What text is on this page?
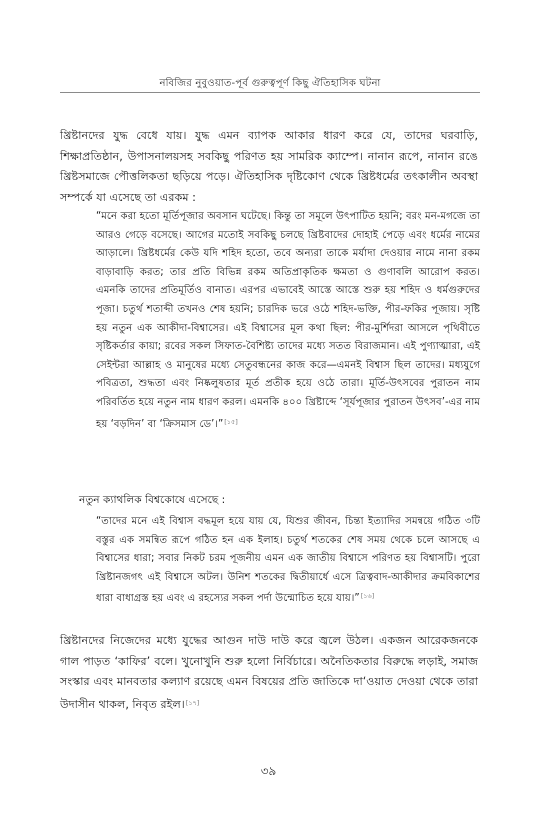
নবিজির নুবুওয়াত-পূর্ব গুরুত্বপূর্ণ কিছু ঐতিহাসিক ঘটনা

খ্রিষ্টানদের যুদ্ধ বেধে যায়। যুদ্ধ এমন ব্যাপক আকার ধারণ করে যে, তাদের ঘরবাড়ি, শিক্ষাপ্রতিষ্ঠান, উপাসনালয়সহ সবকিছু পরিণত হয় সামরিক ক্যাম্পে। নানান রূপে, নানান রঙে খ্রিষ্টসমাজে পৌত্তলিকতা ছড়িয়ে পড়ে। ঐতিহাসিক দৃষ্টিকোণ থেকে খ্রিষ্টধর্মের তৎকালীন অবস্থা সম্পর্কে যা এসেছে তা এরকম :

“মনে করা হতো মূর্তিপূজার অবসান ঘটেছে। কিন্তু তা সমূলে উৎপাটিত হয়নি; বরং মন-মগজে তা আরও গেড়ে বসেছে। আগের মতোই সবকিছু চলছে খ্রিষ্টবাদের দোহাই পেড়ে এবং ধর্মের নামের আড়ালে। খ্রিষ্টধর্মের কেউ যদি শহিদ হতো, তবে অন্যরা তাকে মর্যাদা দেওয়ার নামে নানা রকম বাড়াবাড়ি করত; তার প্রতি বিভিন্ন রকম অতিপ্রাকৃতিক ক্ষমতা ও গুণাবলি আরোপ করত। এমনকি তাদের প্রতিমূর্তিও বানাত। এরপর এভাবেই আস্তে আস্তে শুরু হয় শহিদ ও ধর্মগুরুদের পূজা। চতুর্থ শতাব্দী তখনও শেষ হয়নি; চারদিক ভরে ওঠে শহিদ-ভক্তি, পীর-ফকির পূজায়। সৃষ্টি হয় নতুন এক আকীদা-বিশ্বাসের। এই বিশ্বাসের মূল কথা ছিল: পীর-মুর্শিদরা আসলে পৃথিবীতে সৃষ্টিকর্তার কায়া; রবের সকল সিফাত-বৈশিষ্ট্য তাদের মধ্যে সতত বিরাজমান। এই পুণ্যাত্মারা, এই সেইন্টরা আল্লাহ ও মানুষের মধ্যে সেতুবন্ধনের কাজ করে—এমনই বিশ্বাস ছিল তাদের। মধ্যযুগে পবিত্রতা, শুদ্ধতা এবং নিষ্কলুষতার মূর্ত প্রতীক হয়ে ওঠে তারা। মূর্তি-উৎসবের পুরাতন নাম পরিবর্তিত হয়ে নতুন নাম ধারণ করল। এমনকি ৪০০ খ্রিষ্টাব্দে ‘সূর্যপূজার পুরাতন উৎসব’-এর নাম হয় ‘বড়দিন’ বা ‘ক্রিসমাস ডে’।”[১৫]

নতুন ক্যাথলিক বিশ্বকোষে এসেছে :

“তাদের মনে এই বিশ্বাস বদ্ধমূল হয়ে যায় যে, যিশুর জীবন, চিন্তা ইত্যাদির সমন্বয়ে গঠিত ৩টি বস্তুর এক সমন্বিত রূপে গঠিত হন এক ইলাহ। চতুর্থ শতকের শেষ সময় থেকে চলে আসছে এ বিশ্বাসের ধারা; সবার নিকট চরম পূজনীয় এমন এক জাতীয় বিশ্বাসে পরিণত হয় বিশ্বাসটি। পুরো খ্রিষ্টানজগৎ এই বিশ্বাসে অটল। উনিশ শতকের দ্বিতীয়ার্ধে এসে ত্রিত্ববাদ-আকীদার ক্রমবিকাশের ধারা বাধাগ্রস্ত হয় এবং এ রহস্যের সকল পর্দা উন্মোচিত হয়ে যায়।”[১৬]

খ্রিষ্টানদের নিজেদের মধ্যে যুদ্ধের আগুন দাউ দাউ করে জ্বলে উঠল। একজন আরেকজনকে গাল পাড়ত ‘কাফির’ বলে। খুনোখুনি শুরু হলো নির্বিচারে। অনৈতিকতার বিরুদ্ধে লড়াই, সমাজ সংস্কার এবং মানবতার কল্যাণ রয়েছে এমন বিষয়ের প্রতি জাতিকে দা‘ওয়াত দেওয়া থেকে তারা উদাসীন থাকল, নিবৃত রইল।[১৭]

৩৯
